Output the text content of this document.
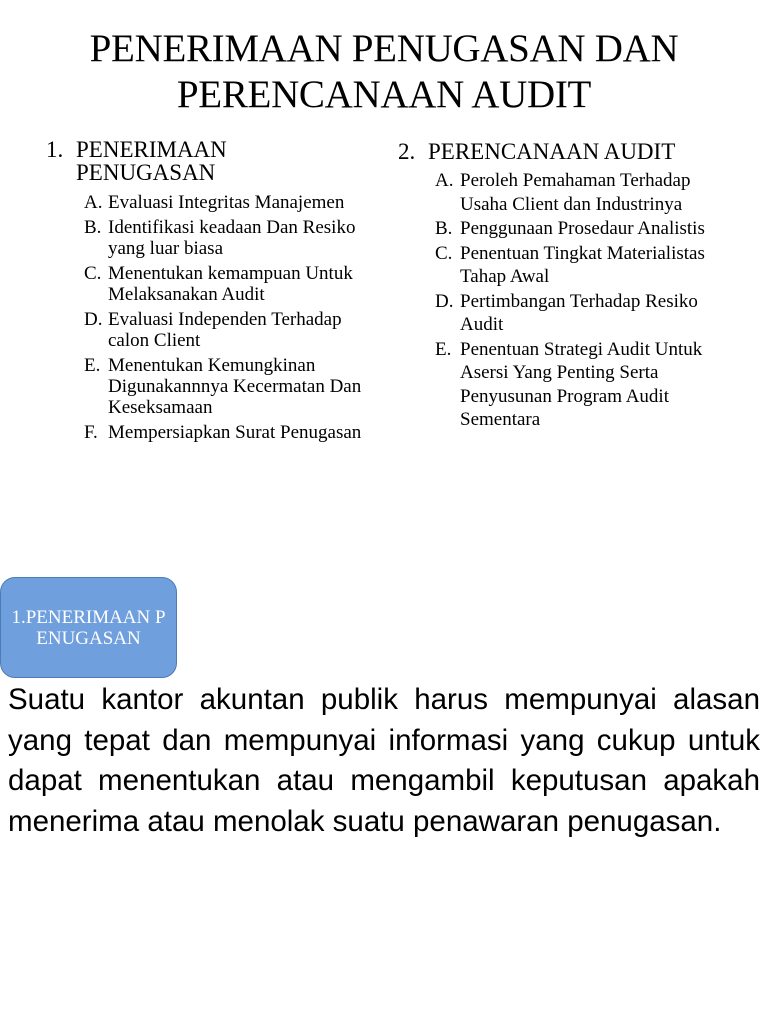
PENERIMAAN PENUGASAN DAN
PERENCANAAN AUDIT
1. PENERIMAAN
PENUGASAN
A. Evaluasi Integritas Manajemen
B. Identifikasi keadaan Dan Resiko yang luar biasa
C. Menentukan kemampuan Untuk Melaksanakan Audit
D. Evaluasi Independen Terhadap calon Client
E. Menentukan Kemungkinan Digunakannnya Kecermatan Dan Keseksamaan
F. Mempersiapkan Surat Penugasan
2. PERENCANAAN AUDIT
A. Peroleh Pemahaman Terhadap Usaha Client dan Industrinya
B. Penggunaan Prosedaur Analistis
C. Penentuan Tingkat Materialistas Tahap Awal
D. Pertimbangan Terhadap Resiko Audit
E. Penentuan Strategi Audit Untuk Asersi Yang Penting Serta Penyusunan Program Audit Sementara
1.PENERIMAAN PENUGASAN
Suatu kantor akuntan publik harus mempunyai alasan yang tepat dan mempunyai informasi yang cukup untuk dapat menentukan atau mengambil keputusan apakah menerima atau menolak suatu penawaran penugasan.
